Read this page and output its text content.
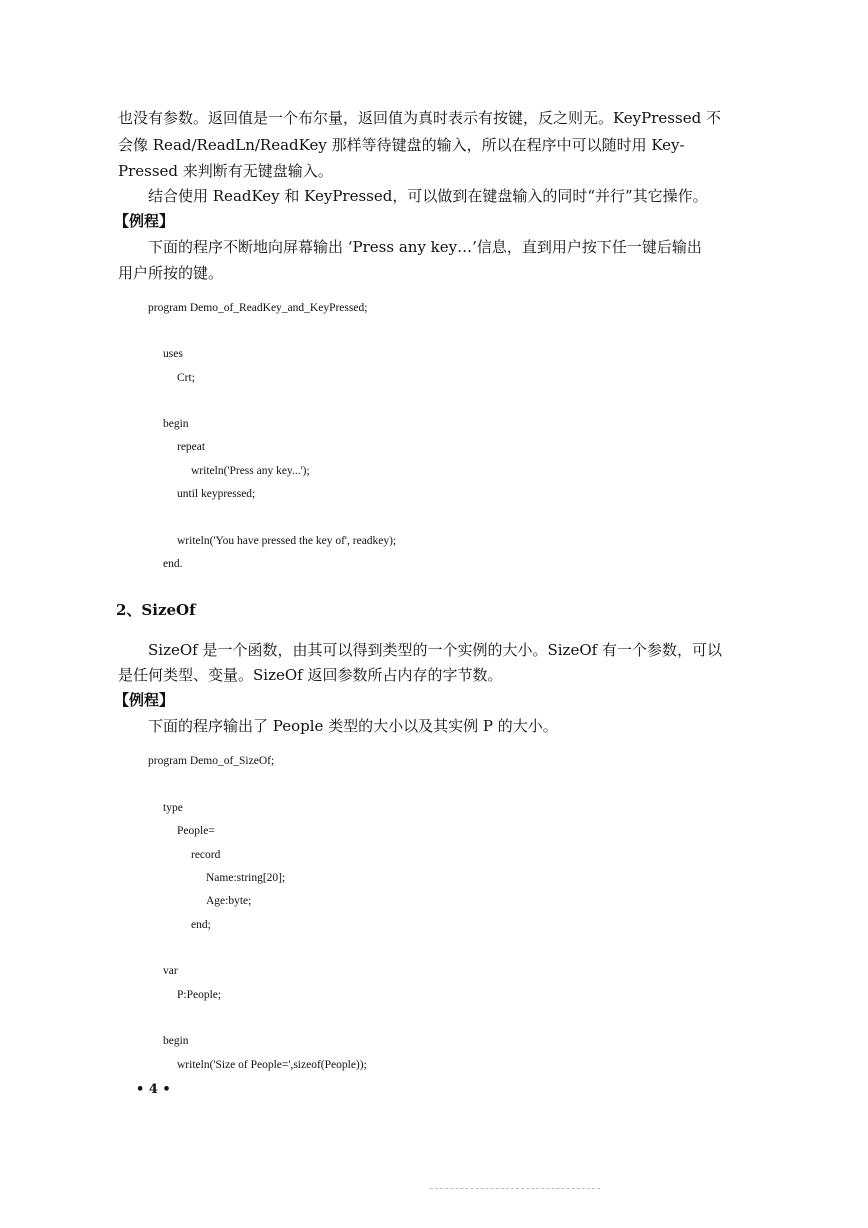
也没有参数。返回值是一个布尔量，返回值为真时表示有按键，反之则无。KeyPressed 不
会像 Read/ReadLn/ReadKey 那样等待键盘的输入，所以在程序中可以随时用 Key-
Pressed 来判断有无键盘输入。
结合使用 ReadKey 和 KeyPressed，可以做到在键盘输入的同时“并行”其它操作。
【例程】
下面的程序不断地向屏幕输出 ‘Press any key…’信息，直到用户按下任一键后输出
用户所按的键。
program Demo_of_ReadKey_and_KeyPressed;
uses
Crt;
begin
repeat
writeln('Press any key...');
until keypressed;
writeln('You have pressed the key of', readkey);
end.
2、SizeOf
SizeOf 是一个函数，由其可以得到类型的一个实例的大小。SizeOf 有一个参数，可以
是任何类型、变量。SizeOf 返回参数所占内存的字节数。
【例程】
下面的程序输出了 People 类型的大小以及其实例 P 的大小。
program Demo_of_SizeOf;
type
People=
record
Name:string[20];
Age:byte;
end;
var
P:People;
begin
writeln('Size of People=',sizeof(People));
• 4 •
